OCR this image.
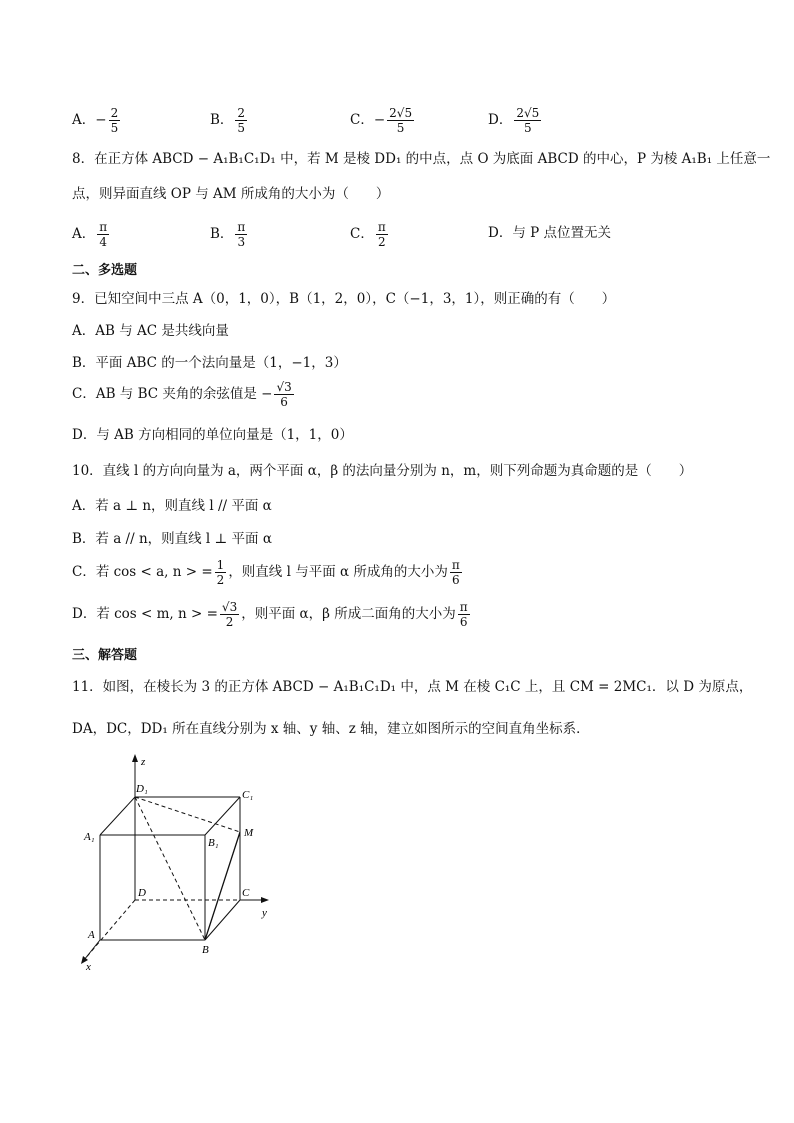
A．− $\frac{2}{5}$	B． $\frac{2}{5}$	C．− $\frac{2√5}{5}$	D． $\frac{2√5}{5}$
8．在正方体 ABCD − A₁B₁C₁D₁ 中，若 M 是棱 DD₁ 的中点，点 O 为底面 ABCD 的中心，P 为棱 A₁B₁ 上任意一
点，则异面直线 OP 与 AM 所成角的大小为（　　）
A． $\frac{\pi}{4}$	B． $\frac{\pi}{3}$	C． $\frac{\pi}{2}$	D．与 P 点位置无关
二、多选题
9．已知空间中三点 A（0，1，0），B（1，2，0），C（−1，3，1），则正确的有（　　）
A．AB 与 AC 是共线向量
B．平面 ABC 的一个法向量是（1，−1，3）
C．AB 与 BC 夹角的余弦值是 − $\frac{√3}{6}$
D．与 AB 方向相同的单位向量是（1，1，0）
10．直线 l 的方向向量为 a，两个平面 α，β 的法向量分别为 n，m，则下列命题为真命题的是（　　）
A．若 a ⊥ n，则直线 l // 平面 α
B．若 a // n，则直线 l ⊥ 平面 α
C．若 cos < a, n > = $\frac{1}{2}$ ，则直线 l 与平面 α 所成角的大小为 $\frac{\pi}{6}$
D．若 cos < m, n > = $\frac{√3}{2}$ ，则平面 α，β 所成二面角的大小为 $\frac{\pi}{6}$
三、解答题
11．如图，在棱长为 3 的正方体 ABCD − A₁B₁C₁D₁ 中，点 M 在棱 C₁C 上，且 CM = 2MC₁．以 D 为原点，
DA，DC，DD₁ 所在直线分别为 x 轴、y 轴、z 轴，建立如图所示的空间直角坐标系．
z
y
x
D₁	C₁
A₁	B₁
M
D	C
A
B
